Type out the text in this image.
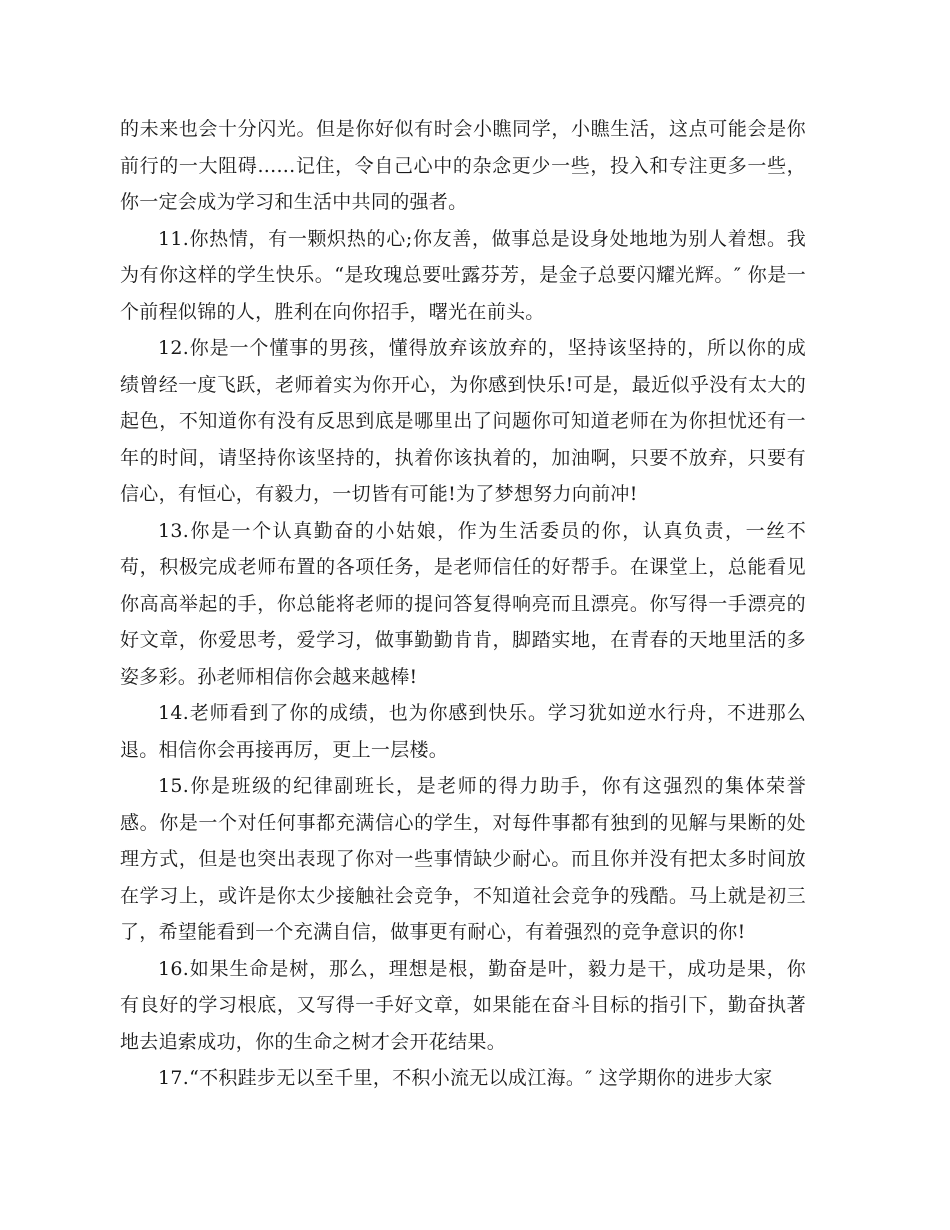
的未来也会十分闪光。但是你好似有时会小瞧同学，小瞧生活，这点可能会是你前行的一大阻碍......记住，令自己心中的杂念更少一些，投入和专注更多一些，你一定会成为学习和生活中共同的强者。

11.你热情，有一颗炽热的心;你友善，做事总是设身处地地为别人着想。我为有你这样的学生快乐。“是玫瑰总要吐露芬芳，是金子总要闪耀光辉。″ 你是一个前程似锦的人，胜利在向你招手，曙光在前头。

12.你是一个懂事的男孩，懂得放弃该放弃的，坚持该坚持的，所以你的成绩曾经一度飞跃，老师着实为你开心，为你感到快乐!可是，最近似乎没有太大的起色，不知道你有没有反思到底是哪里出了问题你可知道老师在为你担忧还有一年的时间，请坚持你该坚持的，执着你该执着的，加油啊，只要不放弃，只要有信心，有恒心，有毅力，一切皆有可能!为了梦想努力向前冲!

13.你是一个认真勤奋的小姑娘，作为生活委员的你，认真负责，一丝不苟，积极完成老师布置的各项任务，是老师信任的好帮手。在课堂上，总能看见你高高举起的手，你总能将老师的提问答复得响亮而且漂亮。你写得一手漂亮的好文章，你爱思考，爱学习，做事勤勤肯肯，脚踏实地，在青春的天地里活的多姿多彩。孙老师相信你会越来越棒!

14.老师看到了你的成绩，也为你感到快乐。学习犹如逆水行舟，不进那么退。相信你会再接再厉，更上一层楼。

15.你是班级的纪律副班长，是老师的得力助手，你有这强烈的集体荣誉感。你是一个对任何事都充满信心的学生，对每件事都有独到的见解与果断的处理方式，但是也突出表现了你对一些事情缺少耐心。而且你并没有把太多时间放在学习上，或许是你太少接触社会竞争，不知道社会竞争的残酷。马上就是初三了，希望能看到一个充满自信，做事更有耐心，有着强烈的竞争意识的你!

16.如果生命是树，那么，理想是根，勤奋是叶，毅力是干，成功是果，你有良好的学习根底，又写得一手好文章，如果能在奋斗目标的指引下，勤奋执著地去追索成功，你的生命之树才会开花结果。

17.“不积跬步无以至千里，不积小流无以成江海。″ 这学期你的进步大家
